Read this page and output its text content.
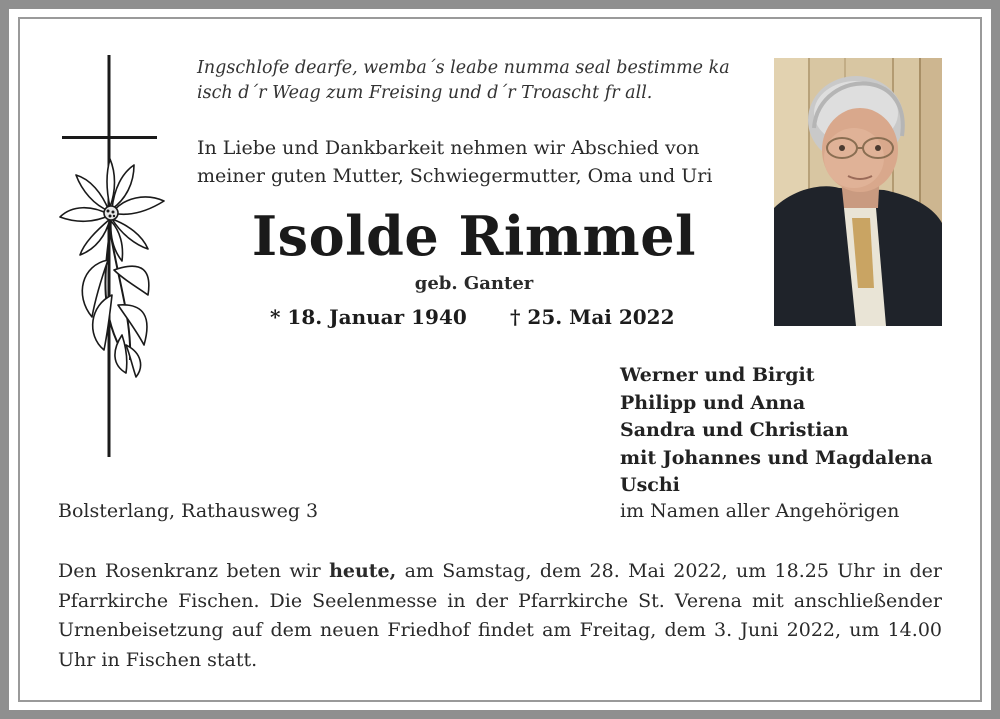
Ingschlofe dearfe, wemba´s leabe numma seal bestimme ka
isch d´r Weag zum Freising und d´r Troascht fr all.
In Liebe und Dankbarkeit nehmen wir Abschied von
meiner guten Mutter, Schwiegermutter, Oma und Uri
Isolde Rimmel
geb. Ganter
* 18. Januar 1940 † 25. Mai 2022
Werner und Birgit
Philipp und Anna
Sandra und Christian
mit Johannes und Magdalena
Uschi
im Namen aller Angehörigen
Bolsterlang, Rathausweg 3
Den Rosenkranz beten wir heute, am Samstag, dem 28. Mai 2022, um 18.25 Uhr in der Pfarrkirche Fischen. Die Seelenmesse in der Pfarrkirche St. Verena mit anschließender Urnenbeisetzung auf dem neuen Friedhof findet am Freitag, dem 3. Juni 2022, um 14.00 Uhr in Fischen statt.
